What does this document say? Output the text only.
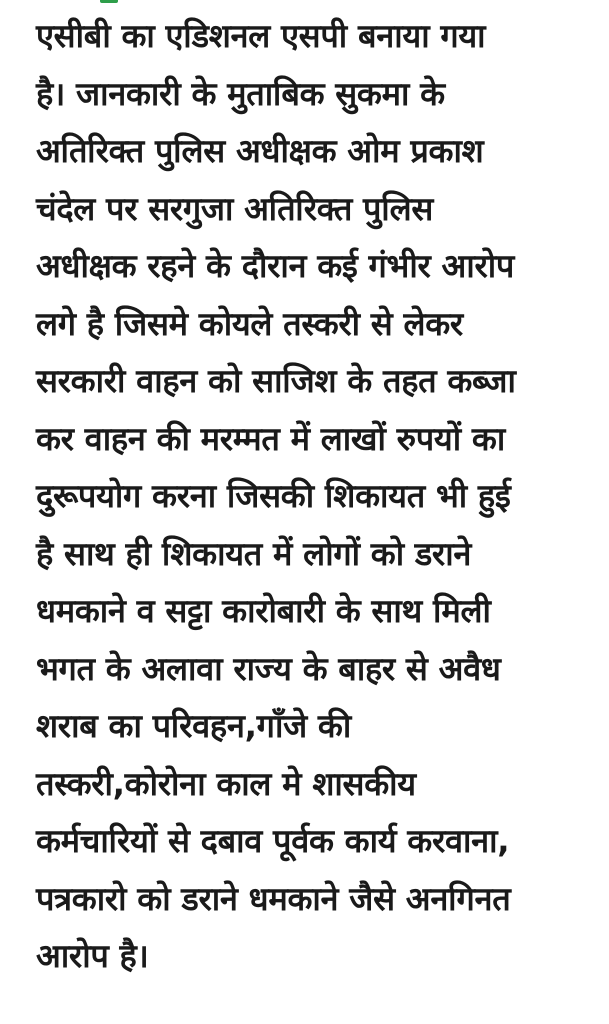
एसीबी का एडिशनल एसपी बनाया गया
है। जानकारी के मुताबिक सुकमा के
अतिरिक्त पुलिस अधीक्षक ओम प्रकाश
चंदेल पर सरगुजा अतिरिक्त पुलिस
अधीक्षक रहने के दौरान कई गंभीर आरोप
लगे है जिसमे कोयले तस्करी से लेकर
सरकारी वाहन को साजिश के तहत कब्जा
कर वाहन की मरम्मत में लाखों रुपयों का
दुरूपयोग करना जिसकी शिकायत भी हुई
है साथ ही शिकायत में लोगों को डराने
धमकाने व सट्टा कारोबारी के साथ मिली
भगत के अलावा राज्य के बाहर से अवैध
शराब का परिवहन,गाँजे की
तस्करी,कोरोना काल मे शासकीय
कर्मचारियों से दबाव पूर्वक कार्य करवाना,
पत्रकारो को डराने धमकाने जैसे अनगिनत
आरोप है।
